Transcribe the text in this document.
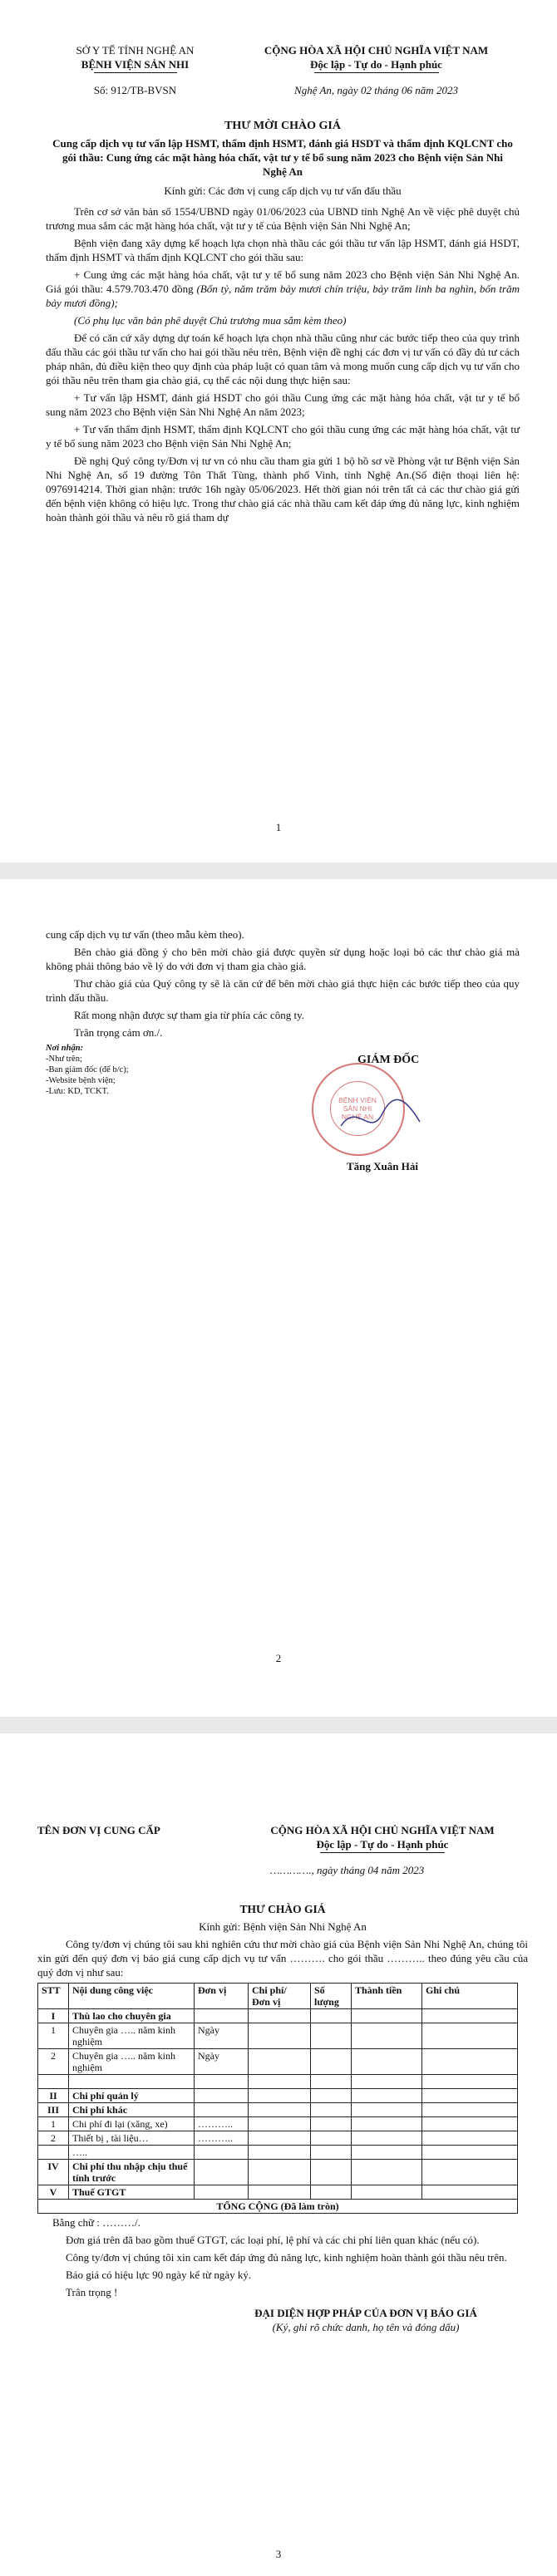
SỞ Y TẾ TỈNH NGHỆ AN
BỆNH VIỆN SẢN NHI
CỘNG HÒA XÃ HỘI CHỦ NGHĨA VIỆT NAM
Độc lập - Tự do - Hạnh phúc
Số: 912/TB-BVSN	Nghệ An, ngày 02 tháng 06 năm 2023
THƯ MỜI CHÀO GIÁ
Cung cấp dịch vụ tư vấn lập HSMT, thẩm định HSMT, đánh giá HSDT và thẩm định KQLCNT cho gói thầu: Cung ứng các mặt hàng hóa chất, vật tư y tế bổ sung năm 2023 cho Bệnh viện Sản Nhi Nghệ An
Kính gửi: Các đơn vị cung cấp dịch vụ tư vấn đấu thầu

Trên cơ sở văn bản số 1554/UBND ngày 01/06/2023 của UBND tỉnh Nghệ An về việc phê duyệt chủ trương mua sắm các mặt hàng hóa chất, vật tư y tế của Bệnh viện Sản Nhi Nghệ An;

Bệnh viện đang xây dựng kế hoạch lựa chọn nhà thầu các gói thầu tư vấn lập HSMT, đánh giá HSDT, thẩm định HSMT và thẩm định KQLCNT cho gói thầu sau:

+ Cung ứng các mặt hàng hóa chất, vật tư y tế bổ sung năm 2023 cho Bệnh viện Sản Nhi Nghệ An. Giá gói thầu: 4.579.703.470 đồng (Bốn tỷ, năm trăm bảy mươi chín triệu, bảy trăm linh ba nghìn, bốn trăm bảy mươi đồng);

(Có phụ lục văn bản phê duyệt Chủ trương mua sắm kèm theo)

Để có căn cứ xây dựng dự toán kế hoạch lựa chọn nhà thầu cũng như các bước tiếp theo của quy trình đấu thầu các gói thầu tư vấn cho hai gói thầu nêu trên, Bệnh viện đề nghị các đơn vị tư vấn có đầy đủ tư cách pháp nhân, đủ điều kiện theo quy định của pháp luật có quan tâm và mong muốn cung cấp dịch vụ tư vấn cho gói thầu nêu trên tham gia chào giá, cụ thể các nội dung thực hiện sau:

+ Tư vấn lập HSMT, đánh giá HSDT cho gói thầu Cung ứng các mặt hàng hóa chất, vật tư y tế bổ sung năm 2023 cho Bệnh viện Sản Nhi Nghệ An năm 2023;

+ Tư vấn thẩm định HSMT, thẩm định KQLCNT cho gói thầu cung ứng các mặt hàng hóa chất, vật tư y tế bổ sung năm 2023 cho Bệnh viện Sản Nhi Nghệ An;

Đề nghị Quý công ty/Đơn vị tư vn có nhu cầu tham gia gửi 1 bộ hồ sơ về Phòng vật tư Bệnh viện Sản Nhi Nghệ An, số 19 đường Tôn Thất Tùng, thành phố Vinh, tỉnh Nghệ An.(Số điện thoại liên hệ: 0976914214. Thời gian nhận: trước 16h ngày 05/06/2023. Hết thời gian nói trên tất cả các thư chào giá gửi đến bệnh viện không có hiệu lực. Trong thư chào giá các nhà thầu cam kết đáp ứng đủ năng lực, kinh nghiệm hoàn thành gói thầu và nêu rõ giá tham dự

1

cung cấp dịch vụ tư vấn (theo mẫu kèm theo).

Bên chào giá đồng ý cho bên mời chào giá được quyền sử dụng hoặc loại bỏ các thư chào giá mà không phải thông báo về lý do với đơn vị tham gia chào giá.

Thư chào giá của Quý công ty sẽ là căn cứ để bên mời chào giá thực hiện các bước tiếp theo của quy trình đấu thầu.

Rất mong nhận được sự tham gia từ phía các công ty.

Trân trọng cảm ơn./.

Nơi nhận:
-Như trên;
-Ban giám đốc (để b/c);
-Website bệnh viện;
-Lưu: KD, TCKT.
GIÁM ĐỐC
BỆNH VIỆN
SẢN NHI
NGHỆ AN
Tăng Xuân Hải
2
TÊN ĐƠN VỊ CUNG CẤP	CỘNG HÒA XÃ HỘI CHỦ NGHĨA VIỆT NAM
Độc lập - Tự do - Hạnh phúc
…………., ngày tháng 04 năm 2023
THƯ CHÀO GIÁ
Kính gửi: Bệnh viện Sản Nhi Nghệ An

Công ty/đơn vị chúng tôi sau khi nghiên cứu thư mời chào giá của Bệnh viện Sản Nhi Nghệ An, chúng tôi xin gửi đến quý đơn vị báo giá cung cấp dịch vụ tư vấn ………. cho gói thầu ……….. theo đúng yêu cầu của quý đơn vị như sau:

STT	Nội dung công việc	Đơn vị	Chi phí/ Đơn vị	Số lượng	Thành tiền	Ghi chú
I	Thù lao cho chuyên gia					
1	Chuyên gia ….. năm kinh nghiệm	Ngày				
2	Chuyên gia ….. năm kinh nghiệm	Ngày				

II	Chi phí quản lý					
III	Chi phí khác					
1	Chi phí đi lại (xăng, xe)	………..				
2	Thiết bị , tài liệu…	………..				
	…..					
IV	Chi phí thu nhập chịu thuế tính trước					
V	Thuế GTGT					
TỔNG CỘNG (Đã làm tròn)						

Bằng chữ : ………/.

Đơn giá trên đã bao gồm thuế GTGT, các loại phí, lệ phí và các chi phí liên quan khác (nếu có).

Công ty/đơn vị chúng tôi xin cam kết đáp ứng đủ năng lực, kinh nghiệm hoàn thành gói thầu nêu trên.

Báo giá có hiệu lực 90 ngày kể từ ngày ký.

Trân trọng !

ĐẠI DIỆN HỢP PHÁP CỦA ĐƠN VỊ BÁO GIÁ
(Ký, ghi rõ chức danh, họ tên và đóng dấu)
3
